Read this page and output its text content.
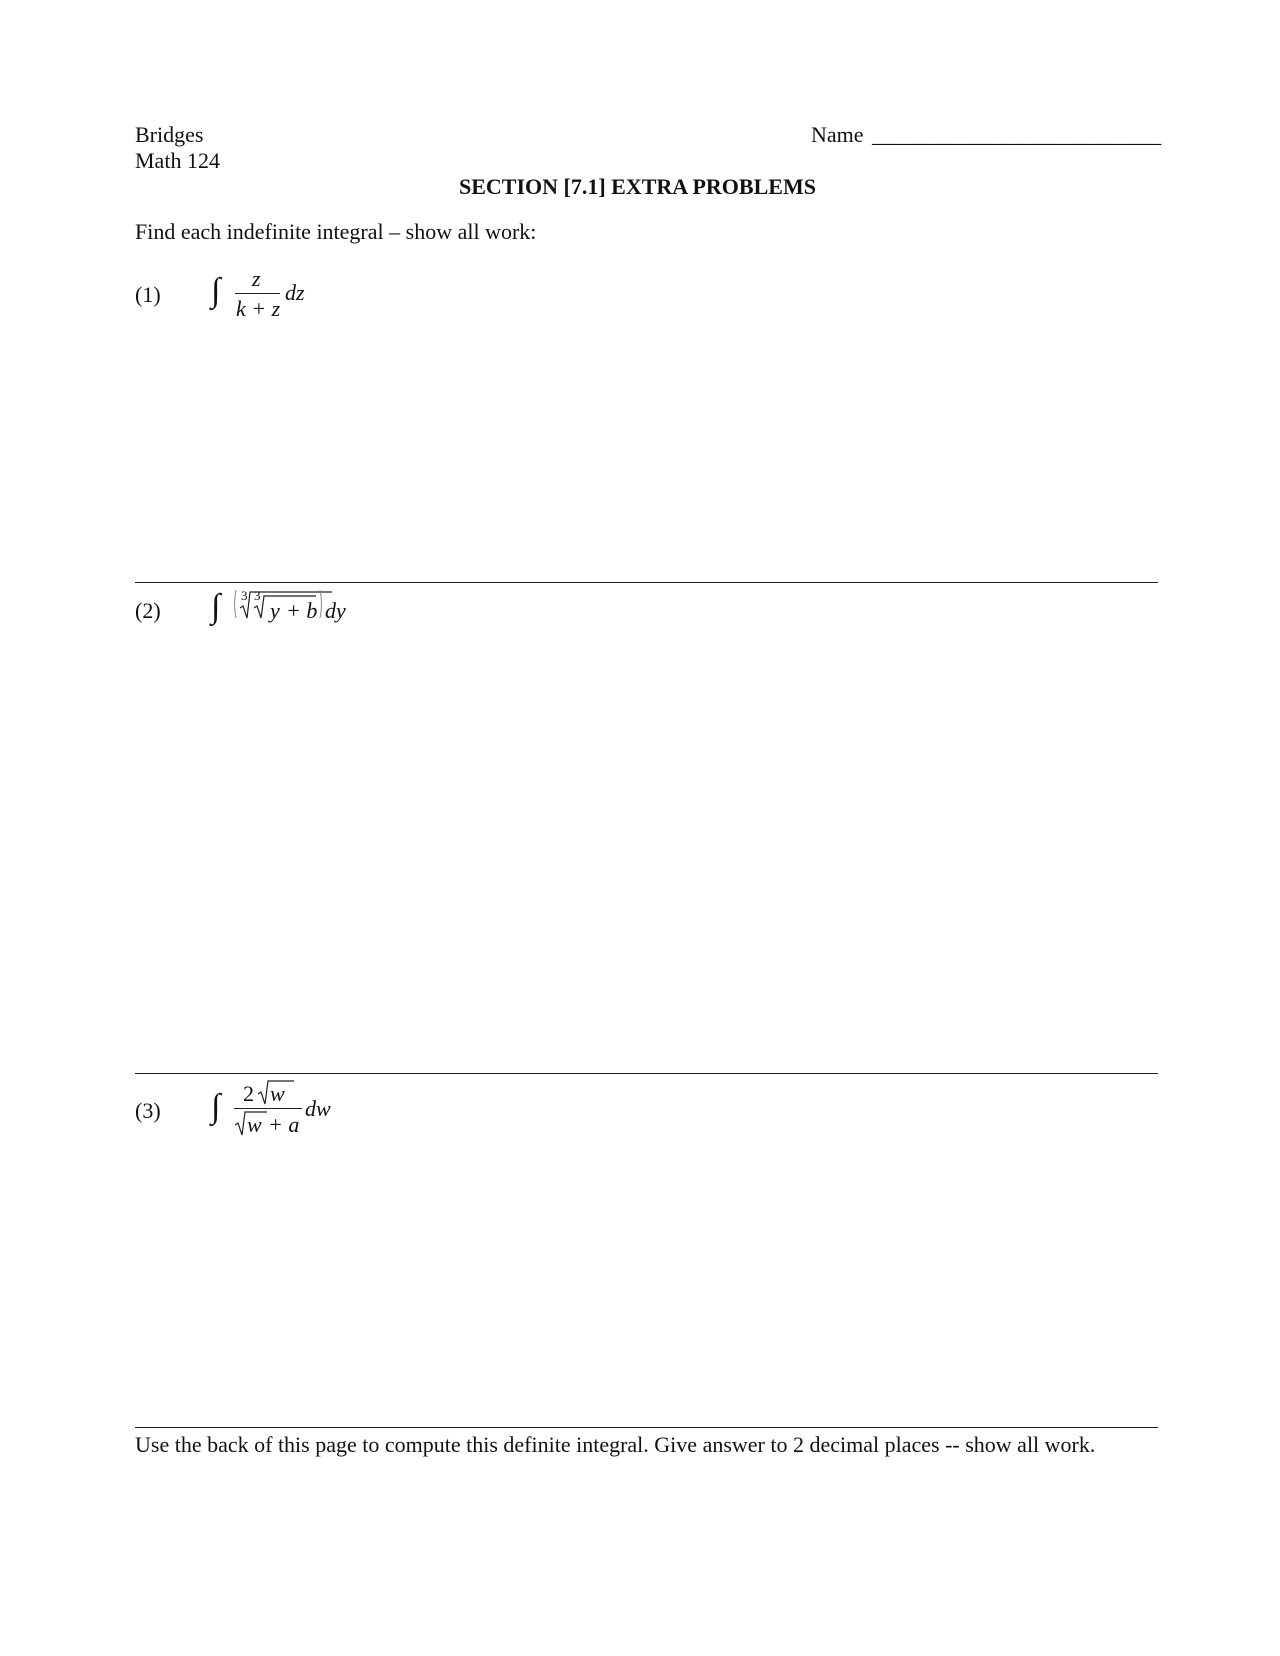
Bridges
Math 124
Name ___________________________
SECTION [7.1] EXTRA PROBLEMS
Find each indefinite integral – show all work:
(1) ∫ z
k + z
dz
(2) ∫ 3 3
y + b dy
(3) ∫ 2 w
w + a
dw
Use the back of this page to compute this definite integral. Give answer to 2 decimal places -- show all work.
